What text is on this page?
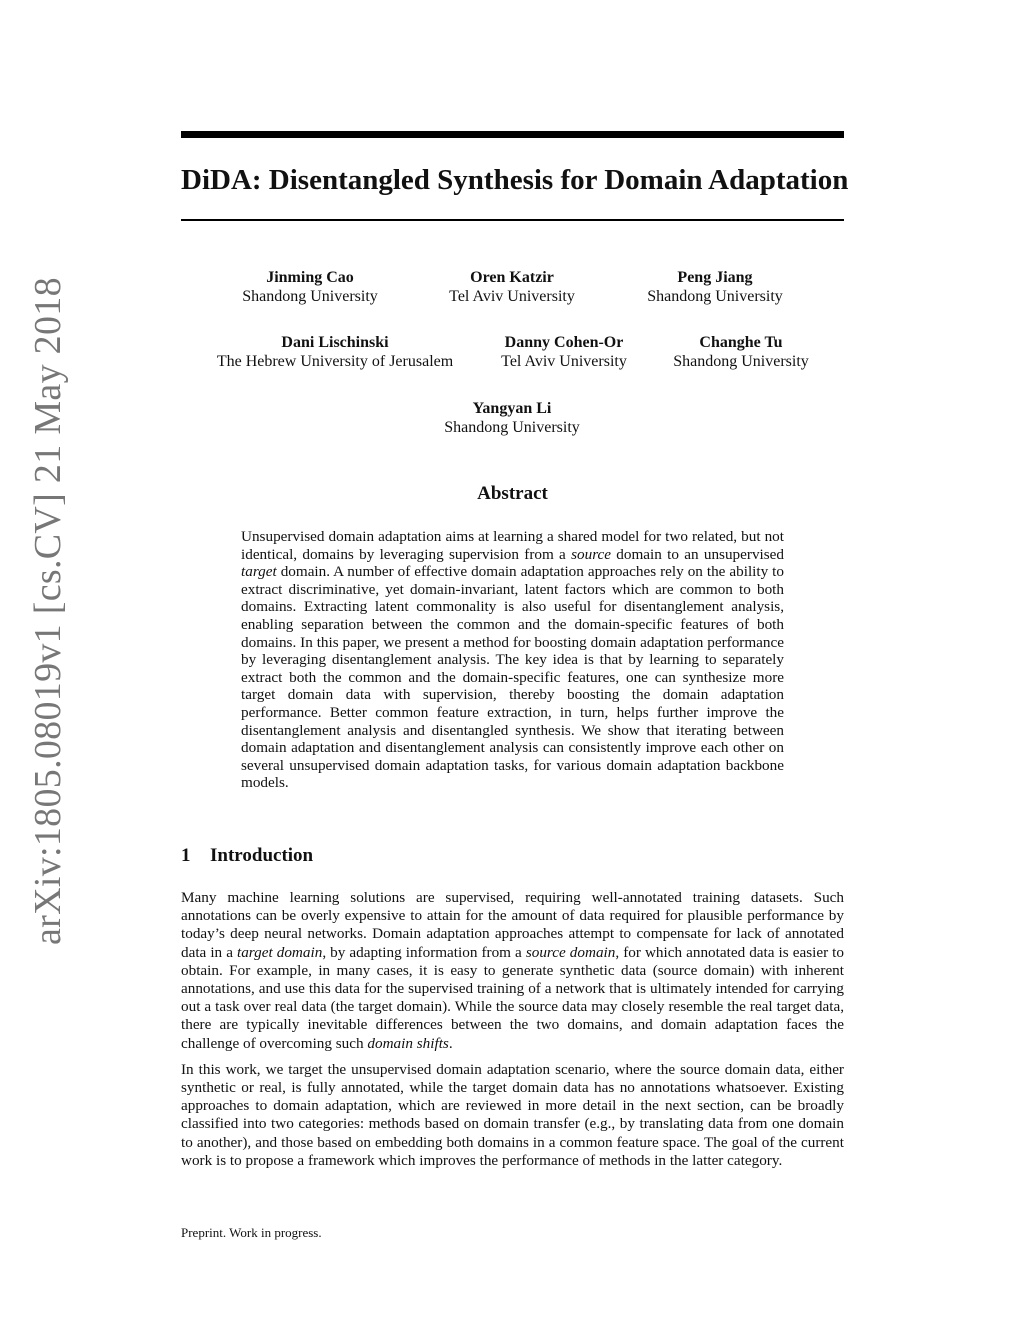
arXiv:1805.08019v1 [cs.CV] 21 May 2018
DiDA: Disentangled Synthesis for Domain Adaptation
Jinming Cao
Shandong University
Oren Katzir
Tel Aviv University
Peng Jiang
Shandong University
Dani Lischinski
The Hebrew University of Jerusalem
Danny Cohen-Or
Tel Aviv University
Changhe Tu
Shandong University
Yangyan Li
Shandong University
Abstract

Unsupervised domain adaptation aims at learning a shared model for two related, but not identical, domains by leveraging supervision from a source domain to an unsupervised target domain. A number of effective domain adaptation approaches rely on the ability to extract discriminative, yet domain-invariant, latent factors which are common to both domains. Extracting latent commonality is also useful for disentanglement analysis, enabling separation between the common and the domain-specific features of both domains. In this paper, we present a method for boosting domain adaptation performance by leveraging disentanglement analysis. The key idea is that by learning to separately extract both the common and the domain-specific features, one can synthesize more target domain data with supervision, thereby boosting the domain adaptation performance. Better common feature extraction, in turn, helps further improve the disentanglement analysis and disentangled synthesis. We show that iterating between domain adaptation and disentanglement analysis can consistently improve each other on several unsupervised domain adaptation tasks, for various domain adaptation backbone models.

1 Introduction

Many machine learning solutions are supervised, requiring well-annotated training datasets. Such annotations can be overly expensive to attain for the amount of data required for plausible performance by today’s deep neural networks. Domain adaptation approaches attempt to compensate for lack of annotated data in a target domain, by adapting information from a source domain, for which annotated data is easier to obtain. For example, in many cases, it is easy to generate synthetic data (source domain) with inherent annotations, and use this data for the supervised training of a network that is ultimately intended for carrying out a task over real data (the target domain). While the source data may closely resemble the real target data, there are typically inevitable differences between the two domains, and domain adaptation faces the challenge of overcoming such domain shifts.

In this work, we target the unsupervised domain adaptation scenario, where the source domain data, either synthetic or real, is fully annotated, while the target domain data has no annotations whatsoever. Existing approaches to domain adaptation, which are reviewed in more detail in the next section, can be broadly classified into two categories: methods based on domain transfer (e.g., by translating data from one domain to another), and those based on embedding both domains in a common feature space. The goal of the current work is to propose a framework which improves the performance of methods in the latter category.

Preprint. Work in progress.
